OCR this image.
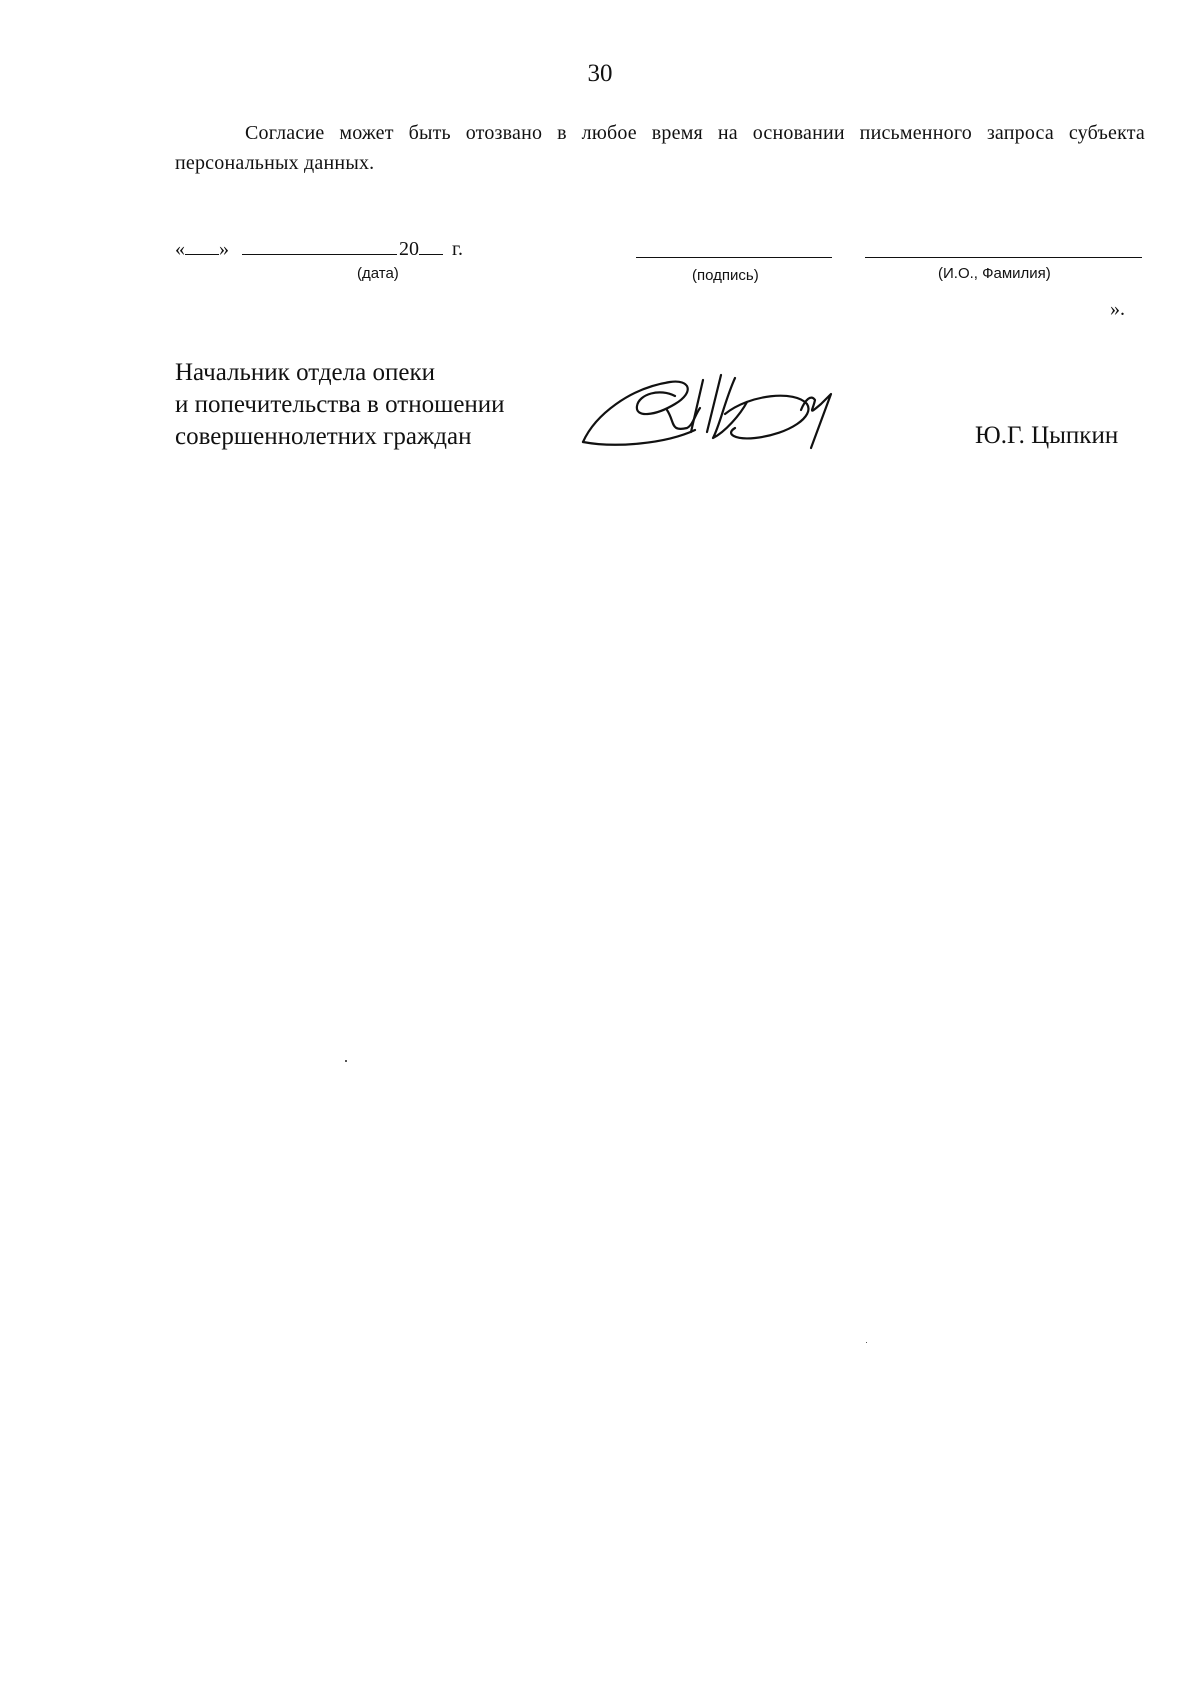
30
Согласие может быть отозвано в любое время на основании письменного запроса субъекта персональных данных.
« »	20 г.
(дата)	(подпись)	(И.О., Фамилия)
».
Начальник отдела опеки
и попечительства в отношении
совершеннолетних граждан	Ю.Г. Цыпкин
